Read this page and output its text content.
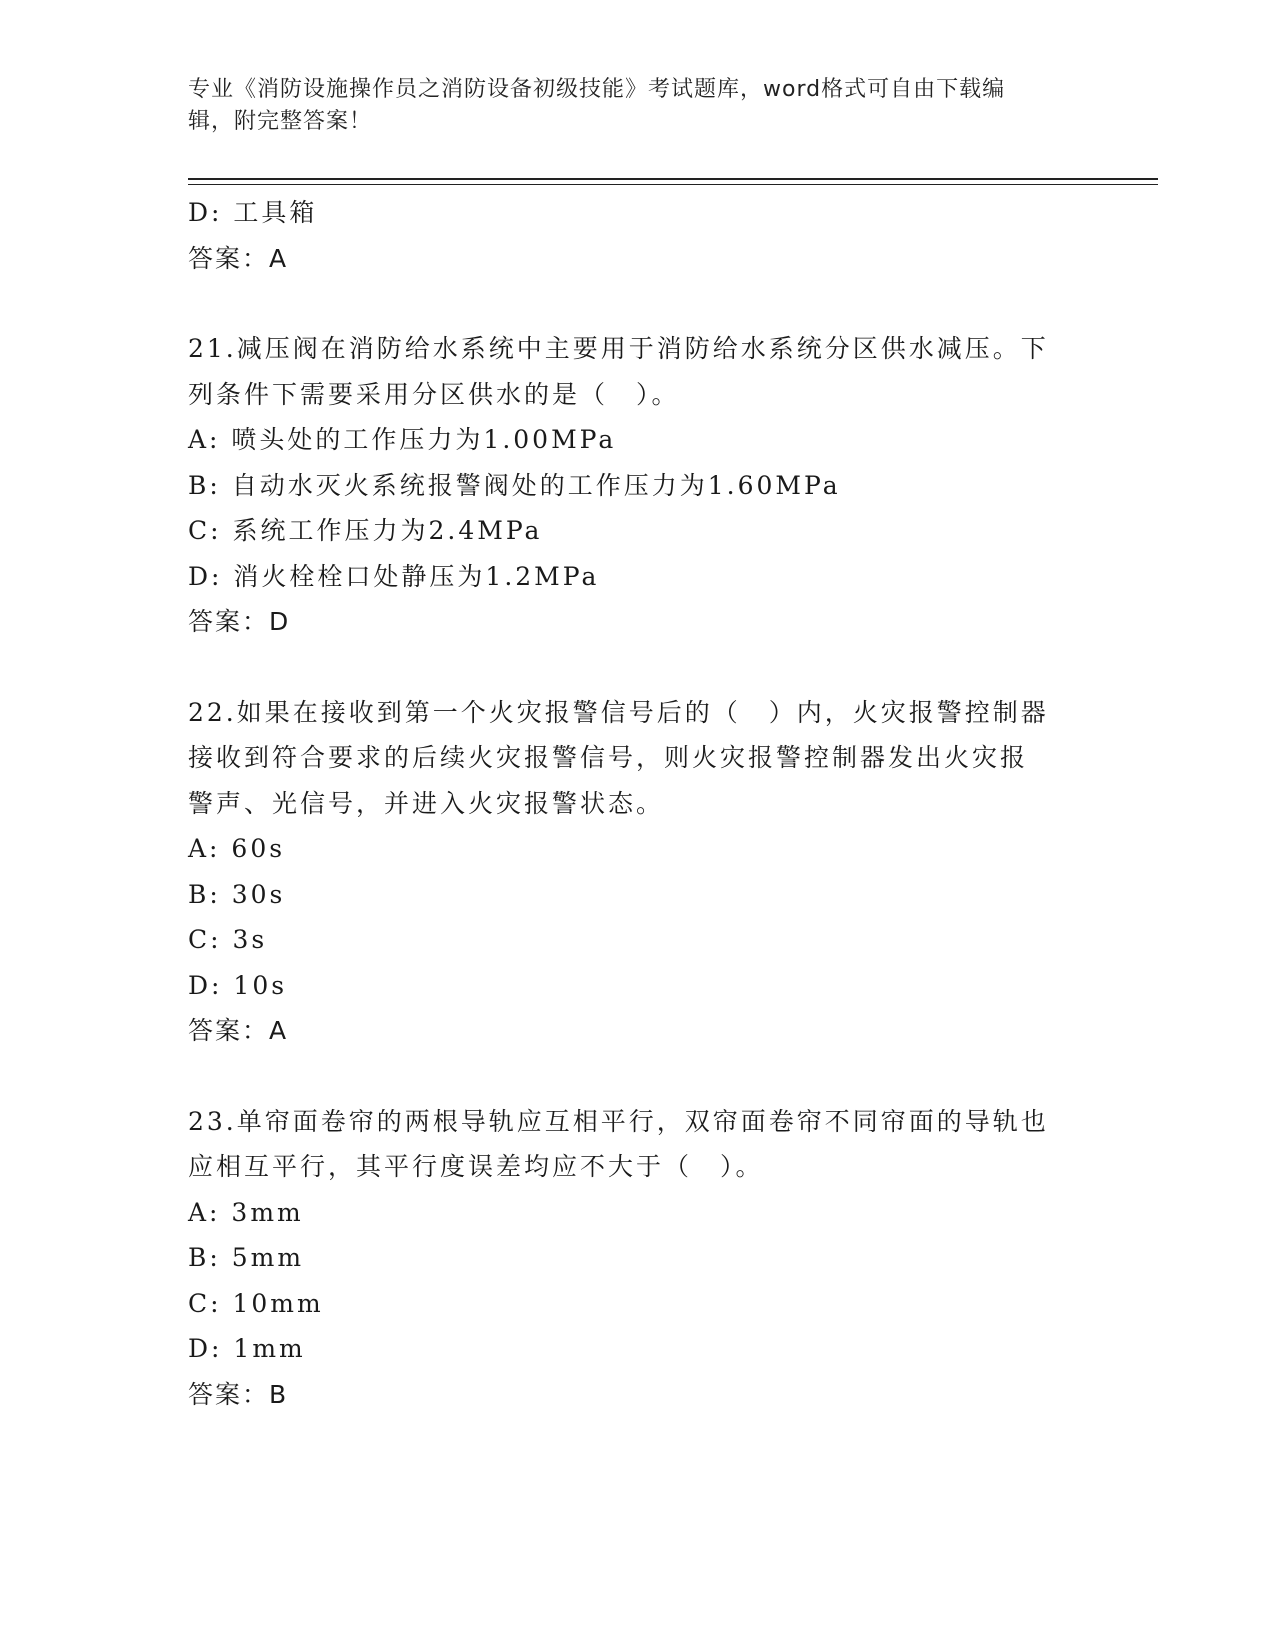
专业《消防设施操作员之消防设备初级技能》考试题库，word格式可自由下载编
辑，附完整答案！

D: 工具箱

答案：A

21.减压阀在消防给水系统中主要用于消防给水系统分区供水减压。下

列条件下需要采用分区供水的是（　）。

A: 喷头处的工作压力为1.00MPa

B: 自动水灭火系统报警阀处的工作压力为1.60MPa

C: 系统工作压力为2.4MPa

D: 消火栓栓口处静压为1.2MPa

答案：D

22.如果在接收到第一个火灾报警信号后的（　）内，火灾报警控制器

接收到符合要求的后续火灾报警信号，则火灾报警控制器发出火灾报

警声、光信号，并进入火灾报警状态。

A: 60s

B: 30s

C: 3s

D: 10s

答案：A

23.单帘面卷帘的两根导轨应互相平行，双帘面卷帘不同帘面的导轨也

应相互平行，其平行度误差均应不大于（　）。

A: 3mm

B: 5mm

C: 10mm

D: 1mm

答案：B
